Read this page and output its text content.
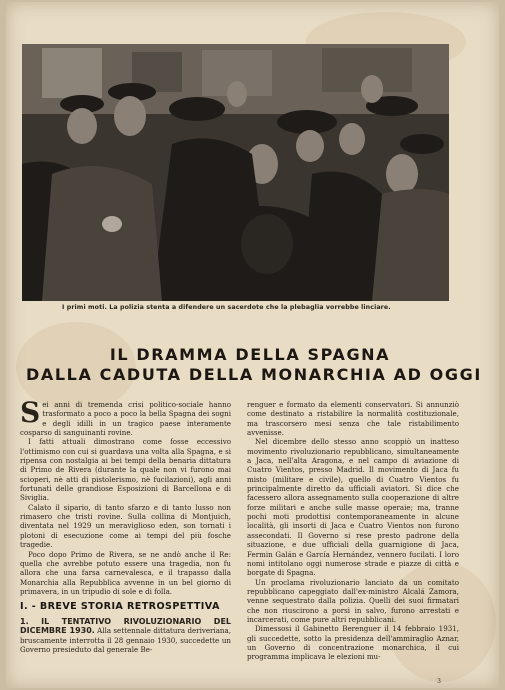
I primi moti. La polizia stenta a difendere un sacerdote che la plebaglia vorrebbe linciare.
IL DRAMMA DELLA SPAGNA
DALLA CADUTA DELLA MONARCHIA AD OGGI

Sei anni di tremenda crisi politico-sociale hanno trasformato a poco a poco la bella Spagna dei sogni e degli idilli in un tragico paese interamente cosparso di sanguinanti rovine.

I fatti attuali dimostrano come fosse eccessivo l'ottimismo con cui si guardava una volta alla Spagna, e si ripensa con nostalgia ai bei tempi della benaria dittatura di Primo de Rivera (durante la quale non vi furono mai scioperi, nè atti di pistolerismo, nè fucilazioni), agli anni fortunati delle grandiose Esposizioni di Barcellona e di Siviglia.

Calato il sipario, di tanto sfarzo e di tanto lusso non rimasero che tristi rovine. Sulla collina di Montjuich, diventata nel 1929 un meraviglioso eden, son tornati i plotoni di esecuzione come ai tempi del più fosche tragedie.

Poco dopo Primo de Rivera, se ne andò anche il Re: quella che avrebbe potuto essere una tragedia, non fu allora che una farsa carnevalesca, e il trapasso dalla Monarchia alla Repubblica avvenne in un bel giorno di primavera, in un tripudio di sole e di folla.

I. - BREVE STORIA RETROSPETTIVA
1. IL TENTATIVO RIVOLUZIONARIO DEL DICEMBRE 1930. Alla settennale dittatura deriveriana, bruscamente interrotta il 28 gennaio 1930, succedette un Governo presieduto dal generale Be-

renguer e formato da elementi conservatori. Si annunziò come destinato a ristabilire la normalità costituzionale, ma trascorsero mesi senza che tale ristabilimento avvenisse.

Nel dicembre dello stesso anno scoppiò un inatteso movimento rivoluzionario repubblicano, simultaneamente a Jaca, nell'alta Aragona, e nel campo di aviazione di Cuatro Vientos, presso Madrid. Il movimento di Jaca fu misto (militare e civile), quello di Cuatro Vientos fu principalmente diretto da ufficiali aviatori. Si dice che facessero allora assegnamento sulla cooperazione di altre forze militari e anche sulle masse operaie; ma, tranne pochi moti prodottisi contemporaneamente in alcune località, gli insorti di Jaca e Cuatro Vientos non furono assecondati. Il Governo si rese presto padrone della situazione, e due ufficiali della guarnigione di Jaca, Fermin Galán e García Hernández, vennero fucilati. I loro nomi intitolano oggi numerose strade e piazze di città e borgate di Spagna.

Un proclama rivoluzionario lanciato da un comitato repubblicano capeggiato dall'ex-ministro Alcalá Zamora, venne sequestrato dalla polizia. Quelli dei suoi firmatari che non riuscirono a porsi in salvo, furono arrestati e incarcerati, come pure altri repubblicani.

Dimessosi il Gabinetto Berenguer il 14 febbraio 1931, gli succedette, sotto la presidenza dell'ammiraglio Aznar, un Governo di concentrazione monarchica, il cui programma implicava le elezioni mu-

3
